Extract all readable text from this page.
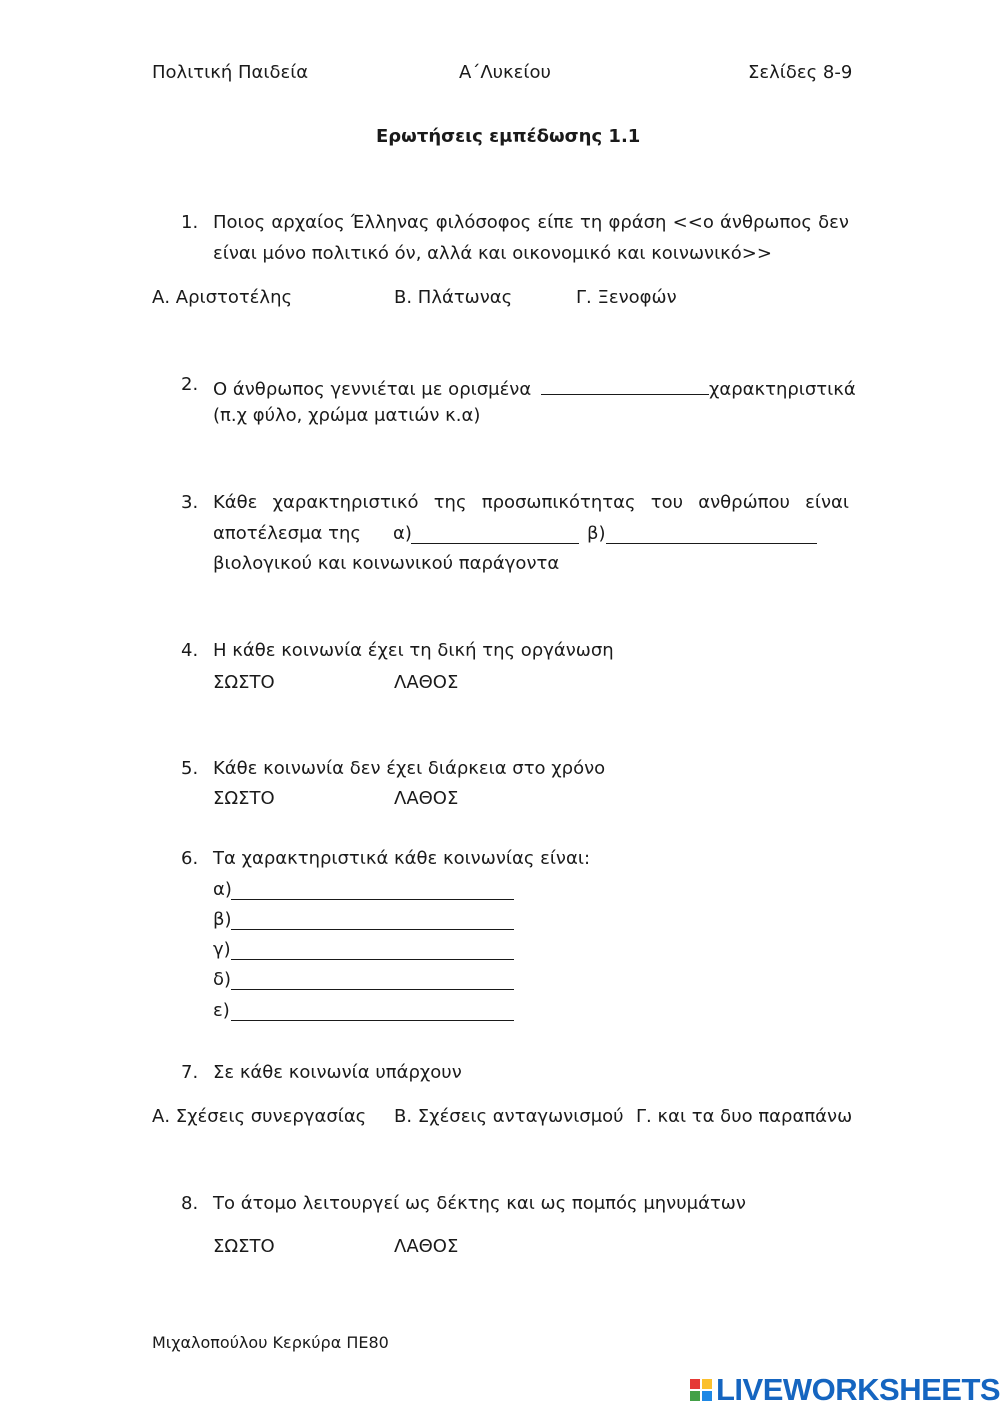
Πολιτική Παιδεία	Α΄Λυκείου	Σελίδες 8-9
Ερωτήσεις εμπέδωσης 1.1
1. Ποιος αρχαίος Έλληνας φιλόσοφος είπε τη φράση <<ο άνθρωπος δεν
είναι μόνο πολιτικό όν, αλλά και οικονομικό και κοινωνικό>>
Α. Αριστοτέλης	Β. Πλάτωνας	Γ. Ξενοφών
2. Ο άνθρωπος γεννιέται με ορισμένα	χαρακτηριστικά
(π.χ φύλο, χρώμα ματιών κ.α)
3. Κάθε χαρακτηριστικό της προσωπικότητας του ανθρώπου είναι
αποτέλεσμα της α)	β)
βιολογικού και κοινωνικού παράγοντα
4. Η κάθε κοινωνία έχει τη δική της οργάνωση
ΣΩΣΤΟ	ΛΑΘΟΣ
5. Κάθε κοινωνία δεν έχει διάρκεια στο χρόνο
ΣΩΣΤΟ	ΛΑΘΟΣ
6. Τα χαρακτηριστικά κάθε κοινωνίας είναι:
α)
β)
γ)
δ)
ε)
7. Σε κάθε κοινωνία υπάρχουν
Α. Σχέσεις συνεργασίας Β. Σχέσεις ανταγωνισμού Γ. και τα δυο παραπάνω
8. Το άτομο λειτουργεί ως δέκτης και ως πομπός μηνυμάτων
ΣΩΣΤΟ	ΛΑΘΟΣ
Μιχαλοπούλου Κερκύρα ΠΕ80
LIVEWORKSHEETS
